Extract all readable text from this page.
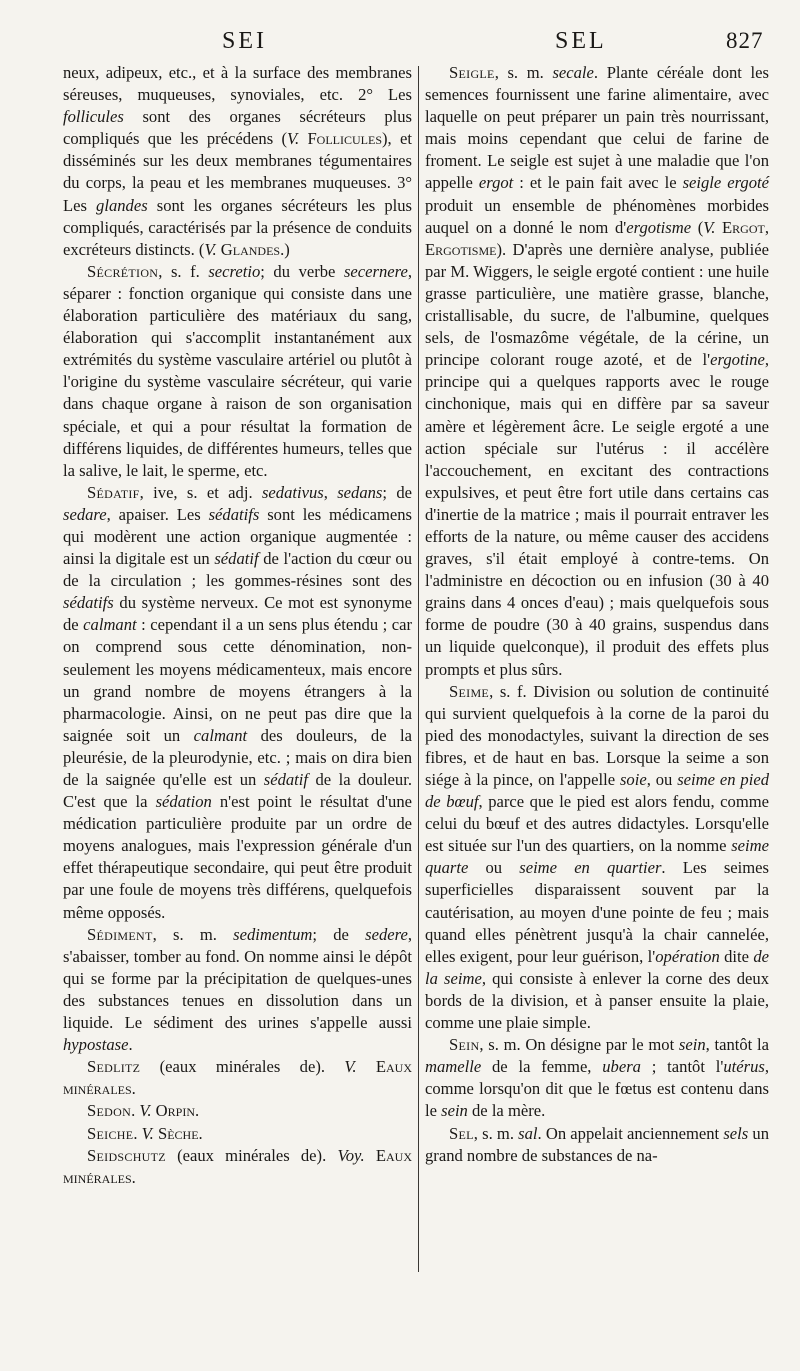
SEI	SEL	827

neux, adipeux, etc., et à la surface des membranes séreuses, muqueuses, synoviales, etc. 2° Les follicules sont des organes sécréteurs plus compliqués que les précédens (V. Follicules), et disséminés sur les deux membranes tégumentaires du corps, la peau et les membranes muqueuses. 3° Les glandes sont les organes sécréteurs les plus compliqués, caractérisés par la présence de conduits excréteurs distincts. (V. Glandes.)

Sécrétion, s. f. secretio; du verbe secernere, séparer : fonction organique qui consiste dans une élaboration particulière des matériaux du sang, élaboration qui s'accomplit instantanément aux extrémités du système vasculaire artériel ou plutôt à l'origine du système vasculaire sécréteur, qui varie dans chaque organe à raison de son organisation spéciale, et qui a pour résultat la formation de différens liquides, de différentes humeurs, telles que la salive, le lait, le sperme, etc.

Sédatif, ive, s. et adj. sedativus, sedans; de sedare, apaiser. Les sédatifs sont les médicamens qui modèrent une action organique augmentée : ainsi la digitale est un sédatif de l'action du cœur ou de la circulation ; les gommes-résines sont des sédatifs du système nerveux. Ce mot est synonyme de calmant : cependant il a un sens plus étendu ; car on comprend sous cette dénomination, non-seulement les moyens médicamenteux, mais encore un grand nombre de moyens étrangers à la pharmacologie. Ainsi, on ne peut pas dire que la saignée soit un calmant des douleurs, de la pleurésie, de la pleurodynie, etc. ; mais on dira bien de la saignée qu'elle est un sédatif de la douleur. C'est que la sédation n'est point le résultat d'une médication particulière produite par un ordre de moyens analogues, mais l'expression générale d'un effet thérapeutique secondaire, qui peut être produit par une foule de moyens très différens, quelquefois même opposés.

Sédiment, s. m. sedimentum; de sedere, s'abaisser, tomber au fond. On nomme ainsi le dépôt qui se forme par la précipitation de quelques-unes des substances tenues en dissolution dans un liquide. Le sédiment des urines s'appelle aussi hypostase.

Sedlitz (eaux minérales de). V. Eaux minérales.

Sedon. V. Orpin.

Seiche. V. Sèche.

Seidschutz (eaux minérales de). Voy. Eaux minérales.

Seigle, s. m. secale. Plante céréale dont les semences fournissent une farine alimentaire, avec laquelle on peut préparer un pain très nourrissant, mais moins cependant que celui de farine de froment. Le seigle est sujet à une maladie que l'on appelle ergot : et le pain fait avec le seigle ergoté produit un ensemble de phénomènes morbides auquel on a donné le nom d'ergotisme (V. Ergot, Ergotisme). D'après une dernière analyse, publiée par M. Wiggers, le seigle ergoté contient : une huile grasse particulière, une matière grasse, blanche, cristallisable, du sucre, de l'albumine, quelques sels, de l'osmazôme végétale, de la cérine, un principe colorant rouge azoté, et de l'ergotine, principe qui a quelques rapports avec le rouge cinchonique, mais qui en diffère par sa saveur amère et légèrement âcre. Le seigle ergoté a une action spéciale sur l'utérus : il accélère l'accouchement, en excitant des contractions expulsives, et peut être fort utile dans certains cas d'inertie de la matrice ; mais il pourrait entraver les efforts de la nature, ou même causer des accidens graves, s'il était employé à contre-tems. On l'administre en décoction ou en infusion (30 à 40 grains dans 4 onces d'eau) ; mais quelquefois sous forme de poudre (30 à 40 grains, suspendus dans un liquide quelconque), il produit des effets plus prompts et plus sûrs.

Seime, s. f. Division ou solution de continuité qui survient quelquefois à la corne de la paroi du pied des monodactyles, suivant la direction de ses fibres, et de haut en bas. Lorsque la seime a son siége à la pince, on l'appelle soie, ou seime en pied de bœuf, parce que le pied est alors fendu, comme celui du bœuf et des autres didactyles. Lorsqu'elle est située sur l'un des quartiers, on la nomme seime quarte ou seime en quartier. Les seimes superficielles disparaissent souvent par la cautérisation, au moyen d'une pointe de feu ; mais quand elles pénètrent jusqu'à la chair cannelée, elles exigent, pour leur guérison, l'opération dite de la seime, qui consiste à enlever la corne des deux bords de la division, et à panser ensuite la plaie, comme une plaie simple.

Sein, s. m. On désigne par le mot sein, tantôt la mamelle de la femme, ubera ; tantôt l'utérus, comme lorsqu'on dit que le fœtus est contenu dans le sein de la mère.

Sel, s. m. sal. On appelait anciennement sels un grand nombre de substances de na-
